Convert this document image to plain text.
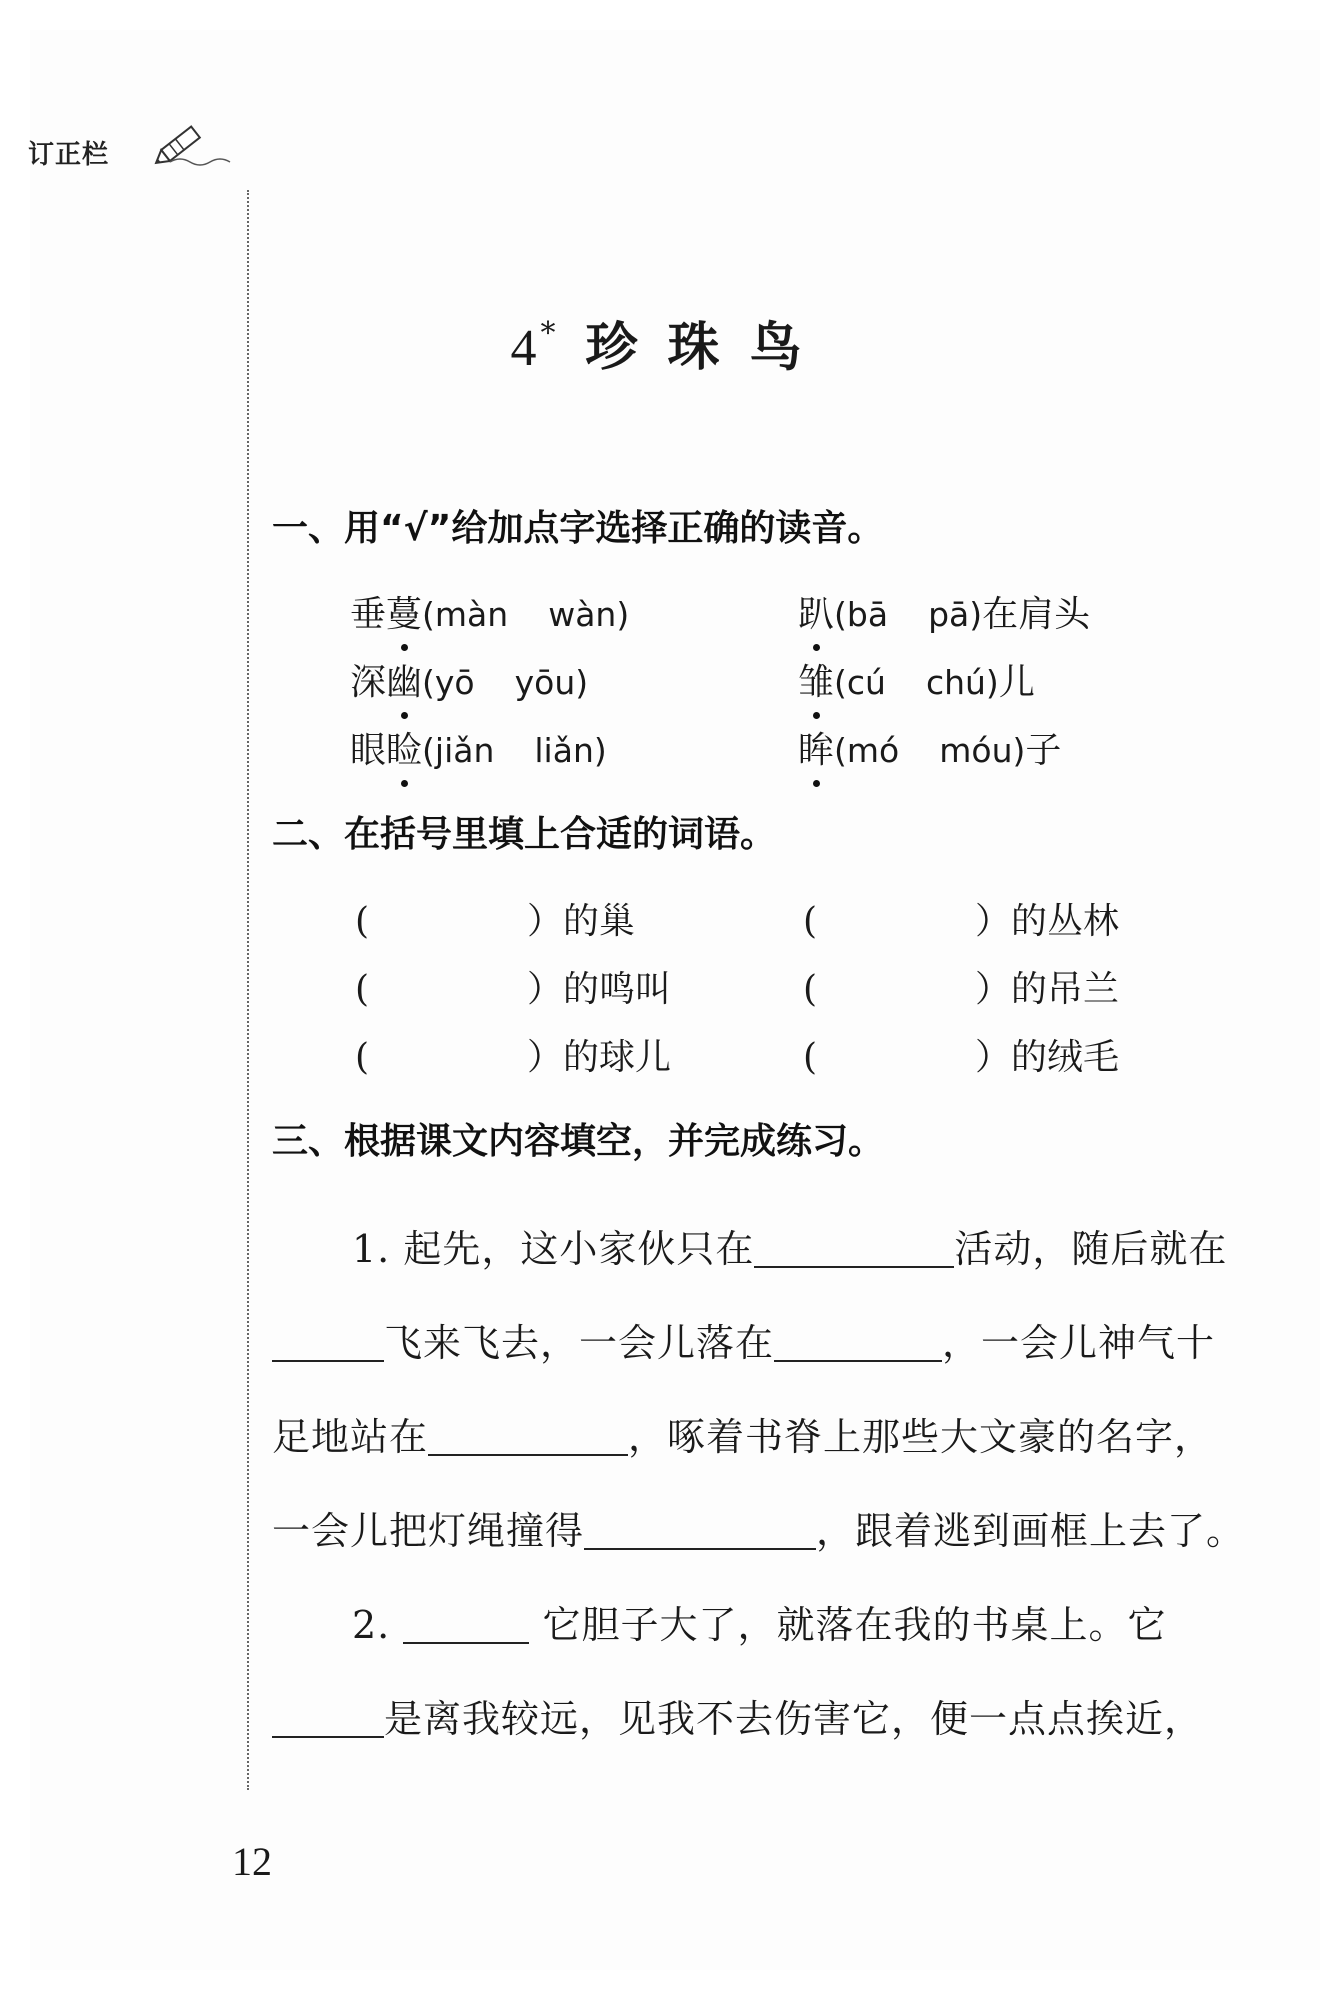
订正栏
4* 珍珠鸟
一、用“√”给加点字选择正确的读音。
垂蔓(màn wàn)	趴(bā pā)在肩头
深幽(yō yōu)	雏(cú chú)儿
眼睑(jiǎn liǎn)	眸(mó móu)子
二、在括号里填上合适的词语。
(	）的巢	(	）的丛林
(	）的鸣叫	(	）的吊兰
(	）的球儿	(	）的绒毛
三、根据课文内容填空，并完成练习。
1. 起先，这小家伙只在	活动，随后就在
飞来飞去，一会儿落在	，一会儿神气十
足地站在	，啄着书脊上那些大文豪的名字，
一会儿把灯绳撞得	，跟着逃到画框上去了。
2.	它胆子大了，就落在我的书桌上。它
是离我较远，见我不去伤害它，便一点点挨近，
12
